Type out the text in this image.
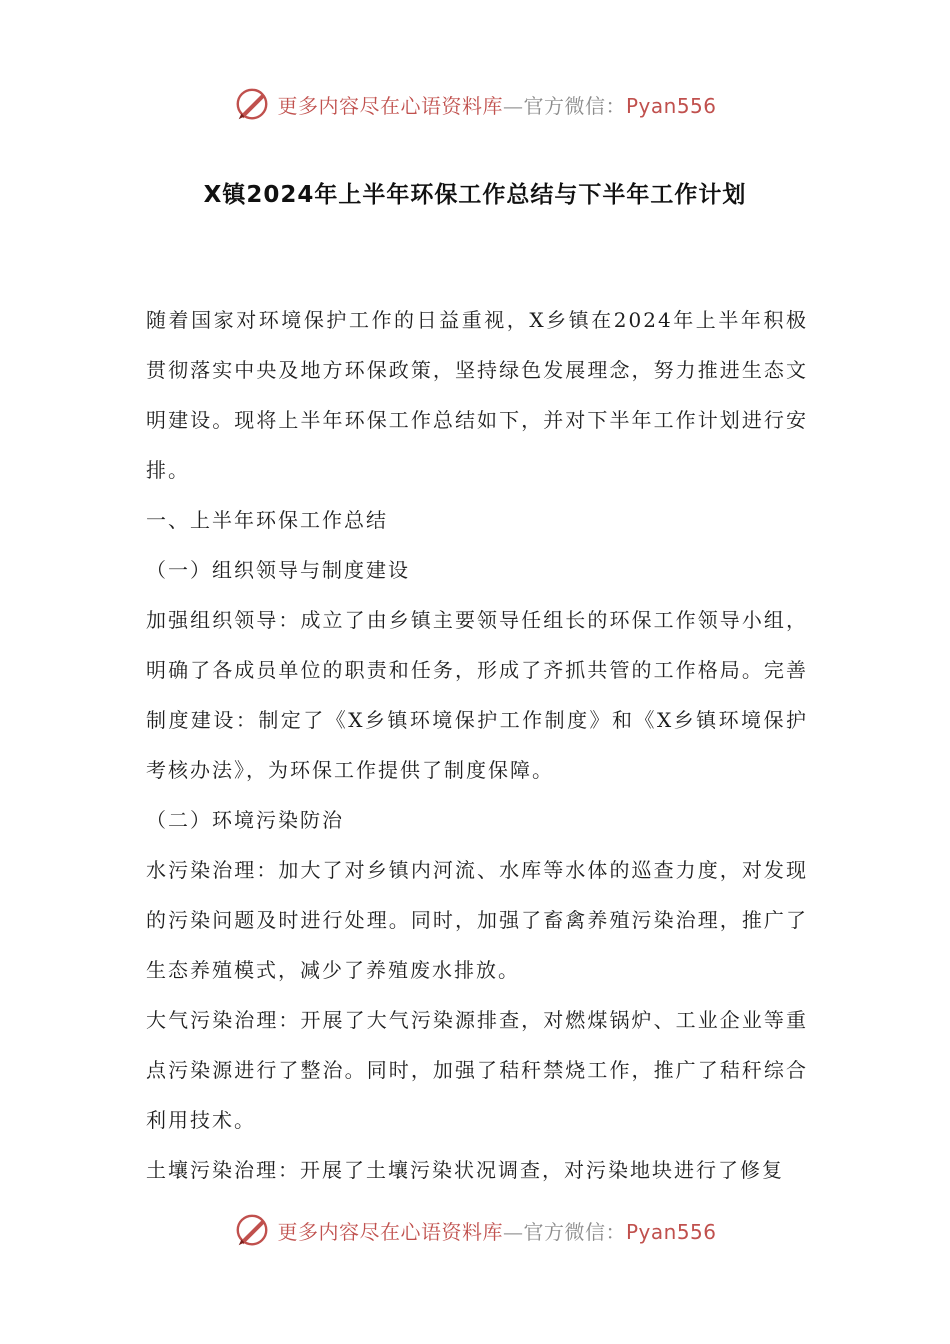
更多内容尽在心语资料库—官方微信：Pyan556
X镇2024年上半年环保工作总结与下半年工作计划

随着国家对环境保护工作的日益重视，X乡镇在2024年上半年积极贯彻落实中央及地方环保政策，坚持绿色发展理念，努力推进生态文明建设。现将上半年环保工作总结如下，并对下半年工作计划进行安排。

一、上半年环保工作总结

（一）组织领导与制度建设

加强组织领导：成立了由乡镇主要领导任组长的环保工作领导小组，明确了各成员单位的职责和任务，形成了齐抓共管的工作格局。完善制度建设：制定了《X乡镇环境保护工作制度》和《X乡镇环境保护考核办法》，为环保工作提供了制度保障。

（二）环境污染防治

水污染治理：加大了对乡镇内河流、水库等水体的巡查力度，对发现的污染问题及时进行处理。同时，加强了畜禽养殖污染治理，推广了生态养殖模式，减少了养殖废水排放。

大气污染治理：开展了大气污染源排查，对燃煤锅炉、工业企业等重点污染源进行了整治。同时，加强了秸秆禁烧工作，推广了秸秆综合利用技术。

土壤污染治理：开展了土壤污染状况调查，对污染地块进行了修复

更多内容尽在心语资料库—官方微信：Pyan556
